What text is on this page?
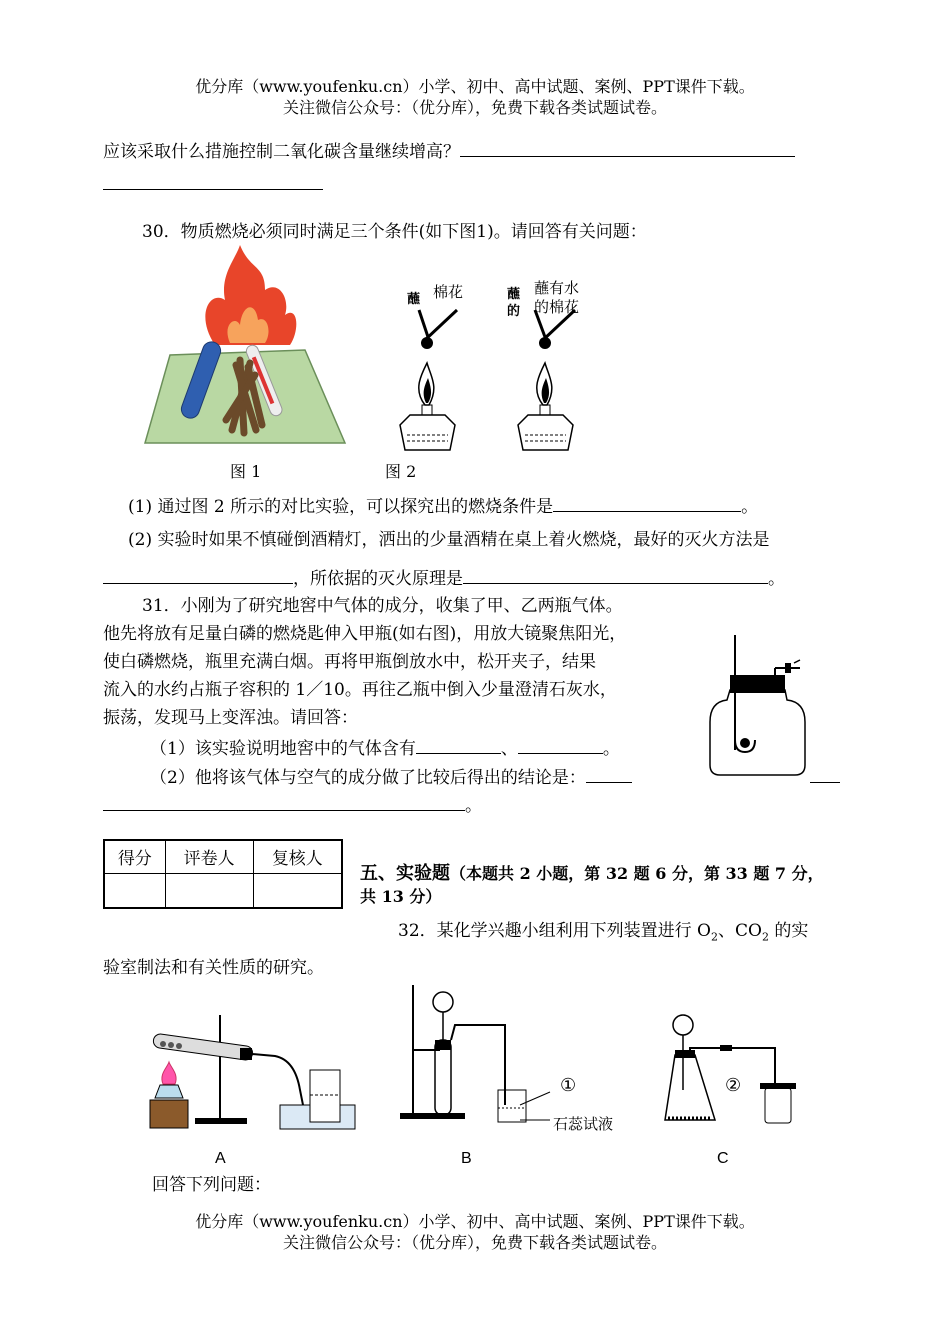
优分库（www.youfenku.cn）小学、初中、高中试题、案例、PPT课件下载。
关注微信公众号：（优分库），免费下载各类试题试卷。
应该采取什么措施控制二氧化碳含量继续增高？
30．物质燃烧必须同时满足三个条件(如下图1)。请回答有关问题：
图 1
蘸	蘸
的
棉花	蘸有水
的棉花
图 2
(1) 通过图 2 所示的对比实验，可以探究出的燃烧条件是	。
(2) 实验时如果不慎碰倒酒精灯，洒出的少量酒精在桌上着火燃烧，最好的灭火方法是
，所依据的灭火原理是	。
31．小刚为了研究地窖中气体的成分，收集了甲、乙两瓶气体。
他先将放有足量白磷的燃烧匙伸入甲瓶(如右图)，用放大镜聚焦阳光，
使白磷燃烧，瓶里充满白烟。再将甲瓶倒放水中，松开夹子，结果
流入的水约占瓶子容积的 1／10。再往乙瓶中倒入少量澄清石灰水，
振荡，发现马上变浑浊。请回答：
（1）该实验说明地窖中的气体含有	、	。
（2）他将该气体与空气的成分做了比较后得出的结论是：
。
得分	评卷人	复核人

五、实验题（本题共 2 小题，第 32 题 6 分，第 33 题 7 分，
共 13 分）
32．某化学兴趣小组利用下列装置进行 $O_2$、$CO_2$ 的实
验室制法和有关性质的研究。
A
①
石蕊试液
B
②
C
回答下列问题：
优分库（www.youfenku.cn）小学、初中、高中试题、案例、PPT课件下载。
关注微信公众号：（优分库），免费下载各类试题试卷。
